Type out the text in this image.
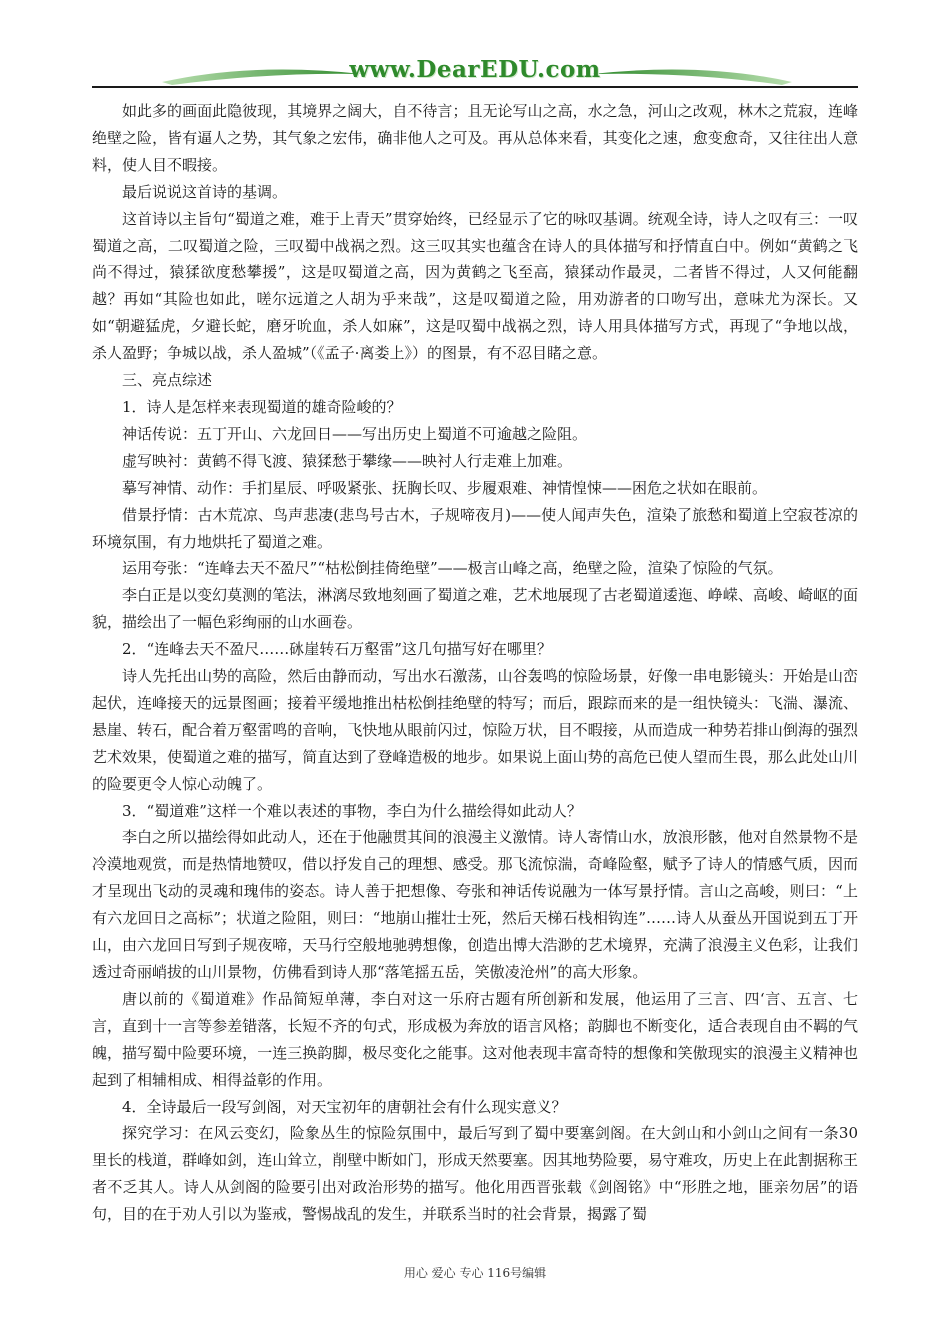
www.DearEDU.com

如此多的画面此隐彼现，其境界之阔大，自不待言；且无论写山之高，水之急，河山之改观，林木之荒寂，连峰绝壁之险，皆有逼人之势，其气象之宏伟，确非他人之可及。再从总体来看，其变化之速，愈变愈奇，又往往出人意料，使人目不暇接。

最后说说这首诗的基调。

这首诗以主旨句“蜀道之难，难于上青天”贯穿始终，已经显示了它的咏叹基调。统观全诗，诗人之叹有三：一叹蜀道之高，二叹蜀道之险，三叹蜀中战祸之烈。这三叹其实也蕴含在诗人的具体描写和抒情直白中。例如“黄鹤之飞尚不得过，猿猱欲度愁攀援”，这是叹蜀道之高，因为黄鹤之飞至高，猿猱动作最灵，二者皆不得过，人又何能翻越？再如“其险也如此，嗟尔远道之人胡为乎来哉”，这是叹蜀道之险，用劝游者的口吻写出，意味尤为深长。又如“朝避猛虎，夕避长蛇，磨牙吮血，杀人如麻”，这是叹蜀中战祸之烈，诗人用具体描写方式，再现了“争地以战，杀人盈野；争城以战，杀人盈城”（《孟子·离娄上》）的图景，有不忍目睹之意。

三、亮点综述

1．诗人是怎样来表现蜀道的雄奇险峻的？

神话传说：五丁开山、六龙回日——写出历史上蜀道不可逾越之险阻。

虚写映衬：黄鹤不得飞渡、猿猱愁于攀缘——映衬人行走难上加难。

摹写神情、动作：手扪星辰、呼吸紧张、抚胸长叹、步履艰难、神情惶悚——困危之状如在眼前。

借景抒情：古木荒凉、鸟声悲凄(悲鸟号古木，子规啼夜月)——使人闻声失色，渲染了旅愁和蜀道上空寂苍凉的环境氛围，有力地烘托了蜀道之难。

运用夸张：“连峰去天不盈尺”“枯松倒挂倚绝壁”——极言山峰之高，绝壁之险，渲染了惊险的气氛。

李白正是以变幻莫测的笔法，淋漓尽致地刻画了蜀道之难，艺术地展现了古老蜀道逶迤、峥嵘、高峻、崎岖的面貌，描绘出了一幅色彩绚丽的山水画卷。

2．“连峰去天不盈尺……砯崖转石万壑雷”这几句描写好在哪里？

诗人先托出山势的高险，然后由静而动，写出水石激荡，山谷轰鸣的惊险场景，好像一串电影镜头：开始是山峦起伏，连峰接天的远景图画；接着平缓地推出枯松倒挂绝壁的特写；而后，跟踪而来的是一组快镜头：飞湍、瀑流、悬崖、转石，配合着万壑雷鸣的音响，飞快地从眼前闪过，惊险万状，目不暇接，从而造成一种势若排山倒海的强烈艺术效果，使蜀道之难的描写，简直达到了登峰造极的地步。如果说上面山势的高危已使人望而生畏，那么此处山川的险要更令人惊心动魄了。

3．“蜀道难”这样一个难以表述的事物，李白为什么描绘得如此动人？

李白之所以描绘得如此动人，还在于他融贯其间的浪漫主义激情。诗人寄情山水，放浪形骸，他对自然景物不是冷漠地观赏，而是热情地赞叹，借以抒发自己的理想、感受。那飞流惊湍，奇峰险壑，赋予了诗人的情感气质，因而才呈现出飞动的灵魂和瑰伟的姿态。诗人善于把想像、夸张和神话传说融为一体写景抒情。言山之高峻，则曰：“上有六龙回日之高标”；状道之险阻，则曰：“地崩山摧壮士死，然后天梯石栈相钩连”……诗人从蚕丛开国说到五丁开山，由六龙回日写到子规夜啼，天马行空般地驰骋想像，创造出博大浩渺的艺术境界，充满了浪漫主义色彩，让我们透过奇丽峭拔的山川景物，仿佛看到诗人那“落笔摇五岳，笑傲凌沧州”的高大形象。

唐以前的《蜀道难》作品简短单薄，李白对这一乐府古题有所创新和发展，他运用了三言、四‘言、五言、七言，直到十一言等参差错落，长短不齐的句式，形成极为奔放的语言风格；韵脚也不断变化，适合表现自由不羁的气魄，描写蜀中险要环境，一连三换韵脚，极尽变化之能事。这对他表现丰富奇特的想像和笑傲现实的浪漫主义精神也起到了相辅相成、相得益彰的作用。

4．全诗最后一段写剑阁，对天宝初年的唐朝社会有什么现实意义？

探究学习：在风云变幻，险象丛生的惊险氛围中，最后写到了蜀中要塞剑阁。在大剑山和小剑山之间有一条30里长的栈道，群峰如剑，连山耸立，削壁中断如门，形成天然要塞。因其地势险要，易守难攻，历史上在此割据称王者不乏其人。诗人从剑阁的险要引出对政治形势的描写。他化用西晋张载《剑阁铭》中“形胜之地，匪亲勿居”的语句，目的在于劝人引以为鉴戒，警惕战乱的发生，并联系当时的社会背景，揭露了蜀

用心 爱心 专心 116号编辑
